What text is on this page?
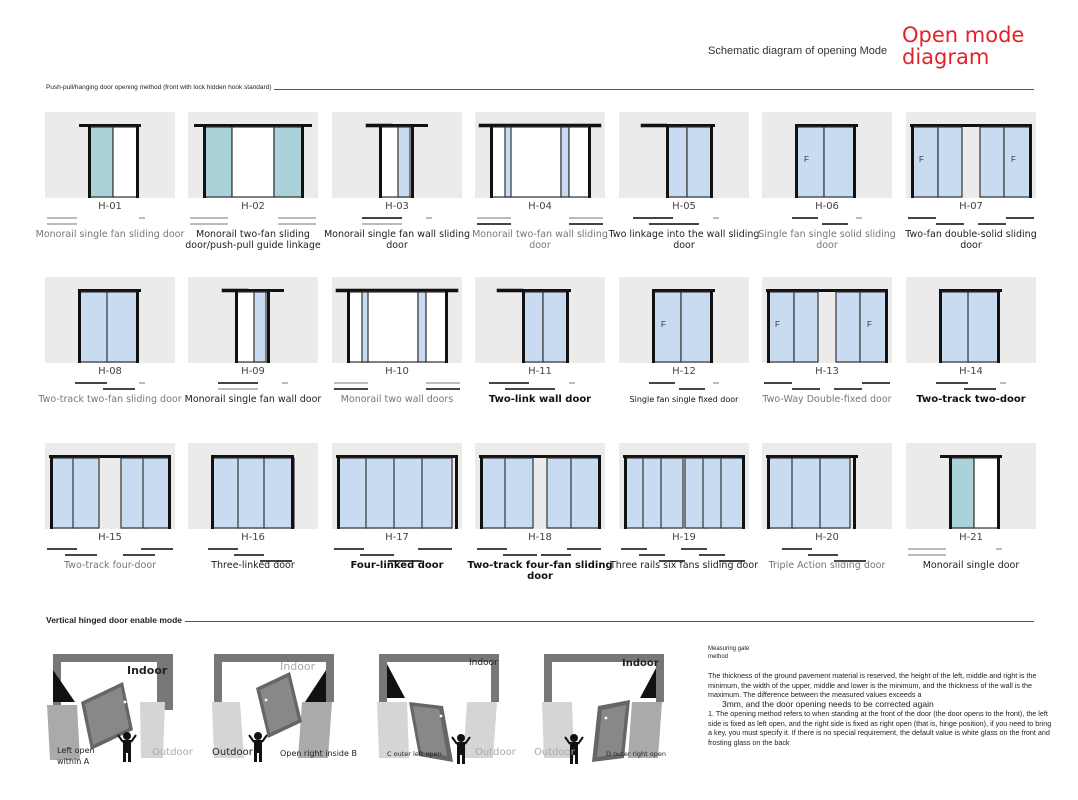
Schematic diagram of opening Mode
Open mode diagram
Push-pull/hanging door opening method (front with lock hidden hook standard)
H-01
Monorail single fan sliding door
H-02
Monorail two-fan sliding door/push-pull guide linkage
H-03
Monorail single fan wall sliding door
H-04
Monorail two-fan wall sliding door
H-05
Two linkage into the wall sliding door
F
H-06
Single fan single solid sliding door
F	F
H-07
Two-fan double-solid sliding door
H-08
Two-track two-fan sliding door
H-09
Monorail single fan wall door
H-10
Monorail two wall doors
H-11
Two-link wall door
F
H-12
Single fan single fixed door
F	F
H-13
Two-Way Double-fixed door
H-14
Two-track two-door
H-15
Two-track four-door
H-16
Three-linked door
H-17
Four-linked door
H-18
Two-track four-fan sliding door
H-19
Three rails six fans sliding door
H-20
Triple Action sliding door
H-21
Monorail single door
Vertical hinged door enable mode
Indoor
Left open within A
Outdoor
Indoor
Outdoor	Open right inside B
Indoor
C outer left open	Outdoor
Indoor
Outdoor	D outer right open

Measuring gate method

The thickness of the ground pavement material is reserved, the height of the left, middle and right is the minimum, the width of the upper, middle and lower is the minimum, and the thickness of the wall is the maximum. The difference between the measured values exceeds a

3mm, and the door opening needs to be corrected again

1. The opening method refers to when standing at the front of the door (the door opens to the front), the left side is fixed as left open, and the right side is fixed as right open (that is, hinge position), if you need to bring a key, you must specify it. If there is no special requirement, the default value is white glass on the front and frosting glass on the back
